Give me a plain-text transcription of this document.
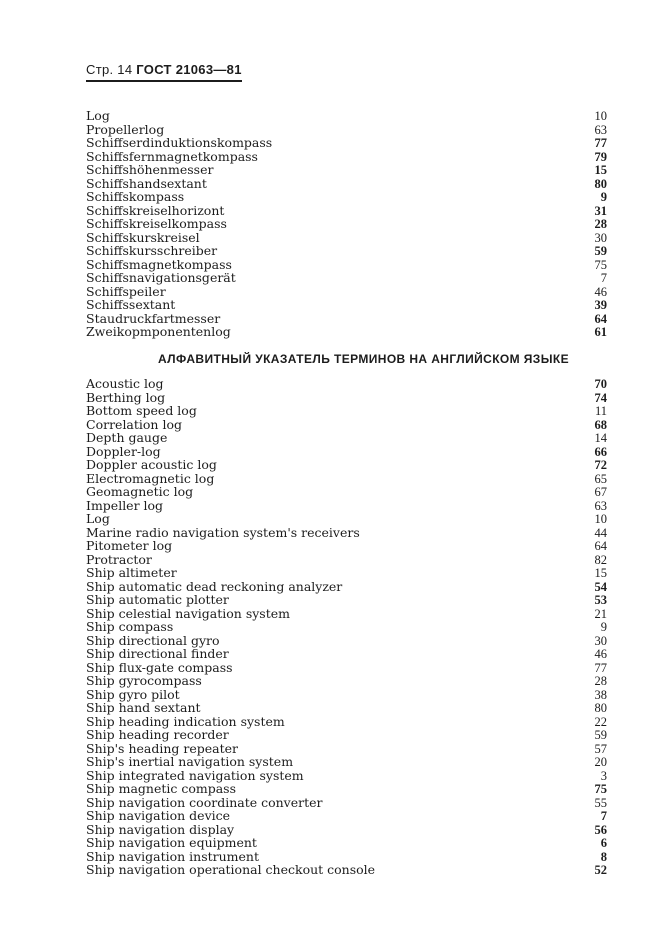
Стр. 14 ГОСТ 21063—81
Log	10
Propellerlog	63
Schiffserdinduktionskompass	77
Schiffsfernmagnetkompass	79
Schiffshöhenmesser	15
Schiffshandsextant	80
Schiffskompass	9
Schiffskreiselhorizont	31
Schiffskreiselkompass	28
Schiffskurskreisel	30
Schiffskursschreiber	59
Schiffsmagnetkompass	75
Schiffsnavigationsgerät	7
Schiffspeiler	46
Schiffssextant	39
Staudruckfartmesser	64
Zweikopmponentenlog	61
АЛФАВИТНЫЙ УКАЗАТЕЛЬ ТЕРМИНОВ НА АНГЛИЙСКОМ ЯЗЫКЕ
Acoustic log	70
Berthing log	74
Bottom speed log	11
Correlation log	68
Depth gauge	14
Doppler-log	66
Doppler acoustic log	72
Electromagnetic log	65
Geomagnetic log	67
Impeller log	63
Log	10
Marine radio navigation system's receivers	44
Pitometer log	64
Protractor	82
Ship altimeter	15
Ship automatic dead reckoning analyzer	54
Ship automatic plotter	53
Ship celestial navigation system	21
Ship compass	9
Ship directional gyro	30
Ship directional finder	46
Ship flux-gate compass	77
Ship gyrocompass	28
Ship gyro pilot	38
Ship hand sextant	80
Ship heading indication system	22
Ship heading recorder	59
Ship's heading repeater	57
Ship's inertial navigation system	20
Ship integrated navigation system	3
Ship magnetic compass	75
Ship navigation coordinate converter	55
Ship navigation device	7
Ship navigation display	56
Ship navigation equipment	6
Ship navigation instrument	8
Ship navigation operational checkout console	52
